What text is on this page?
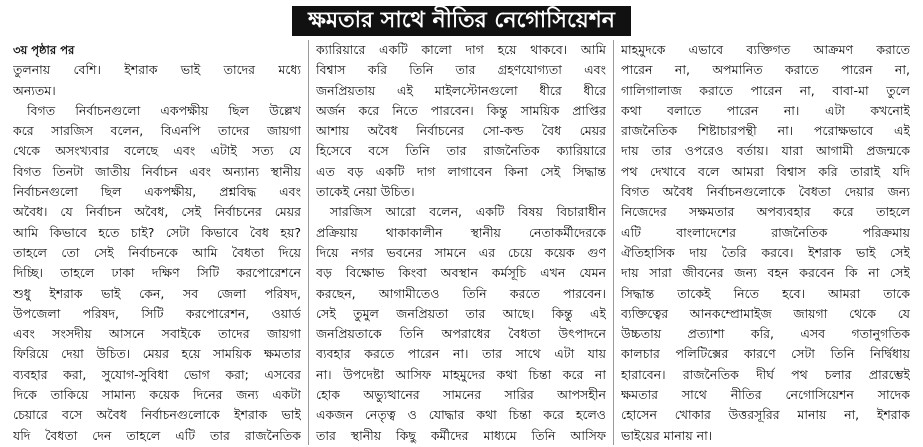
ক্ষমতার সাথে নীতির নেগোসিয়েশন
৩য় পৃষ্ঠার পর
তুলনায় বেশি। ইশরাক ভাই তাদের মধ্যে
অন্যতম।
বিগত নির্বাচনগুলো একপক্ষীয় ছিল উল্লেখ
করে সারজিস বলেন, বিএনপি তাদের জায়গা
থেকে অসংখ্যবার বলেছে এবং এটাই সত্য যে
বিগত তিনটা জাতীয় নির্বাচন এবং অন্যান্য স্থানীয়
নির্বাচনগুলো ছিল একপক্ষীয়, প্রশ্নবিদ্ধ এবং
অবৈধ। যে নির্বাচন অবৈধ, সেই নির্বাচনের মেয়র
আমি কিভাবে হতে চাই? সেটা কিভাবে বৈধ হয়?
তাহলে তো সেই নির্বাচনকে আমি বৈধতা দিয়ে
দিচ্ছি। তাহলে ঢাকা দক্ষিণ সিটি করপোরেশনে
শুধু ইশরাক ভাই কেন, সব জেলা পরিষদ,
উপজেলা পরিষদ, সিটি করপোরেশন, ওয়ার্ড
এবং সংসদীয় আসনে সবাইকে তাদের জায়গা
ফিরিয়ে দেয়া উচিত। মেয়র হয়ে সাময়িক ক্ষমতার
ব্যবহার করা, সুযোগ-সুবিধা ভোগ করা; এসবের
দিকে তাকিয়ে সামান্য কয়েক দিনের জন্য একটা
চেয়ারে বসে অবৈধ নির্বাচনগুলোকে ইশরাক ভাই
যদি বৈধতা দেন তাহলে এটি তার রাজনৈতিক
ক্যারিয়ারে একটি কালো দাগ হয়ে থাকবে। আমি
বিশ্বাস করি তিনি তার গ্রহণযোগ্যতা এবং
জনপ্রিয়তায় এই মাইলস্টোনগুলো ধীরে ধীরে
অর্জন করে নিতে পারবেন। কিন্তু সাময়িক প্রাপ্তির
আশায় অবৈধ নির্বাচনের সো-কল্ড বৈধ মেয়র
হিসেবে বসে তিনি তার রাজনৈতিক ক্যারিয়ারে
এত বড় একটি দাগ লাগাবেন কিনা সেই সিদ্ধান্ত
তাকেই নেয়া উচিত।
সারজিস আরো বলেন, একটি বিষয় বিচারাধীন
প্রক্রিয়ায় থাকাকালীন স্থানীয় নেতাকর্মীদেরকে
দিয়ে নগর ভবনের সামনে এর চেয়ে কয়েক গুণ
বড় বিক্ষোভ কিংবা অবস্থান কর্মসূচি এখন যেমন
করছেন, আগামীতেও তিনি করতে পারবেন।
সেই তুমুল জনপ্রিয়তা তার আছে। কিন্তু এই
জনপ্রিয়তাকে তিনি অপরাধের বৈধতা উৎপাদনে
ব্যবহার করতে পারেন না। তার সাথে এটা যায়
না। উপদেষ্টা আসিফ মাহমুদের কথা চিন্তা করে না
হোক অভ্যুত্থানের সামনের সারির আপসহীন
একজন নেতৃত্ব ও যোদ্ধার কথা চিন্তা করে হলেও
তার স্থানীয় কিছু কর্মীদের মাধ্যমে তিনি আসিফ
মাহমুদকে এভাবে ব্যক্তিগত আক্রমণ করাতে
পারেন না, অপমানিত করাতে পারেন না,
গালিগালাজ করাতে পারেন না, বাবা-মা তুলে
কথা বলাতে পারেন না। এটা কখনোই
রাজনৈতিক শিষ্টাচারপন্থী না। পরোক্ষভাবে এই
দায় তার ওপরেও বর্তায়। যারা আগামী প্রজন্মকে
পথ দেখাবে বলে আমরা বিশ্বাস করি তারাই যদি
বিগত অবৈধ নির্বাচনগুলোকে বৈধতা দেয়ার জন্য
নিজেদের সক্ষমতার অপব্যবহার করে তাহলে
এটি বাংলাদেশের রাজনৈতিক পরিক্রমায়
ঐতিহাসিক দায় তৈরি করবে। ইশরাক ভাই সেই
দায় সারা জীবনের জন্য বহন করবেন কি না সেই
সিদ্ধান্ত তাকেই নিতে হবে। আমরা তাকে
ব্যক্তিত্বের আনকম্প্রোমাইজ জায়গা থেকে যে
উচ্চতায় প্রত্যাশা করি, এসব গতানুগতিক
কালচার পলিটিক্সের কারণে সেটা তিনি নির্দ্বিধায়
হারাবেন। রাজনৈতিক দীর্ঘ পথ চলার প্রারম্ভেই
ক্ষমতার সাথে নীতির নেগোসিয়েশন সাদেক
হোসেন খোকার উত্তরসূরির মানায় না, ইশরাক
ভাইয়ের মানায় না।
